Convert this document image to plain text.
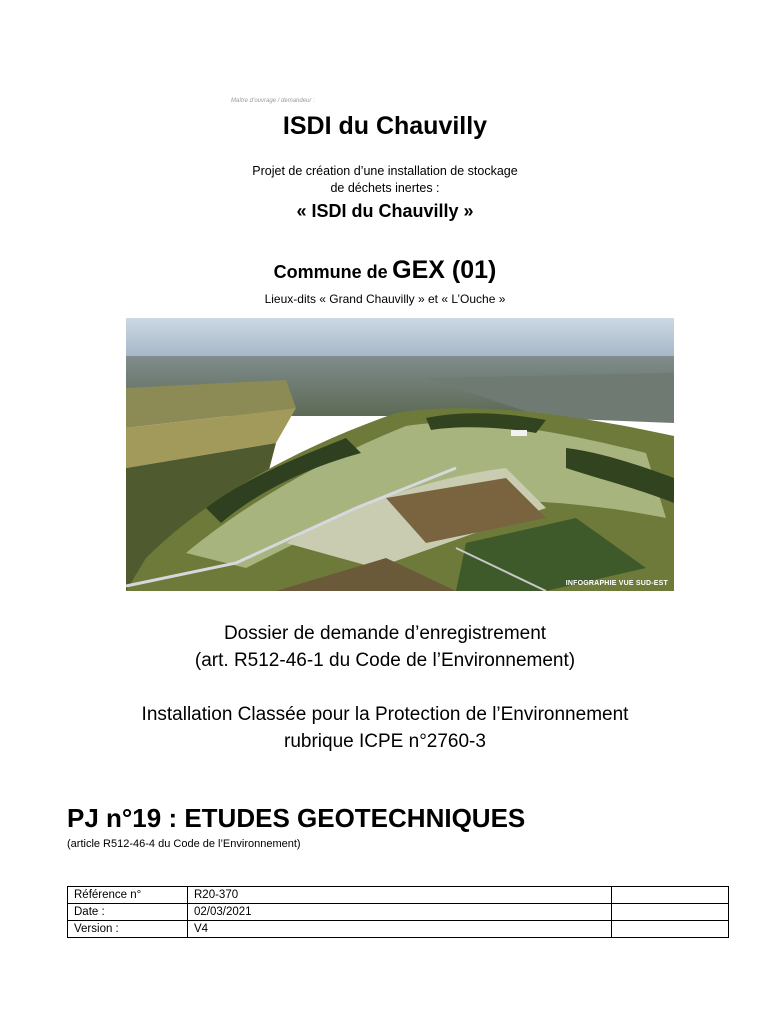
Maître d’ouvrage / demandeur :
ISDI du Chauvilly
Projet de création d’une installation de stockage
de déchets inertes :
« ISDI du Chauvilly »
Commune de GEX (01)
Lieux-dits « Grand Chauvilly » et « L’Ouche »
INFOGRAPHIE VUE SUD-EST
Dossier de demande d’enregistrement
(art. R512-46-1 du Code de l’Environnement)
Installation Classée pour la Protection de l’Environnement
rubrique ICPE n°2760-3
PJ n°19 : ETUDES GEOTECHNIQUES
(article R512-46-4 du Code de l’Environnement)
Référence n°	R20-370	
Date :	02/03/2021	
Version :	V4	
